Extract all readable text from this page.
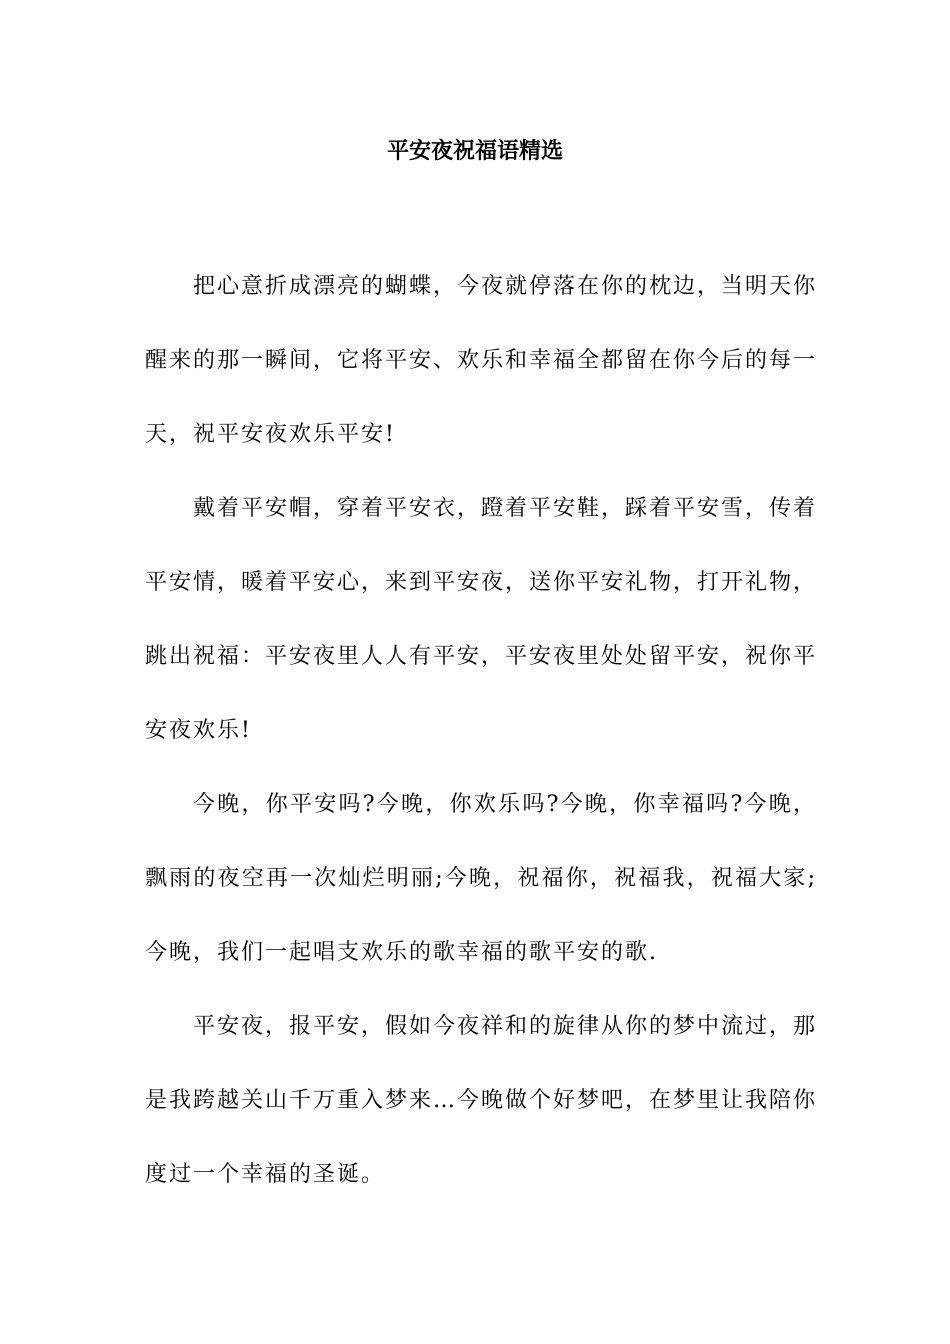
平安夜祝福语精选

把心意折成漂亮的蝴蝶，今夜就停落在你的枕边，当明天你醒来的那一瞬间，它将平安、欢乐和幸福全都留在你今后的每一天，祝平安夜欢乐平安!

戴着平安帽，穿着平安衣，蹬着平安鞋，踩着平安雪，传着平安情，暖着平安心，来到平安夜，送你平安礼物，打开礼物，跳出祝福：平安夜里人人有平安，平安夜里处处留平安，祝你平安夜欢乐!

今晚，你平安吗?今晚，你欢乐吗?今晚，你幸福吗?今晚，飘雨的夜空再一次灿烂明丽;今晚，祝福你，祝福我，祝福大家;今晚，我们一起唱支欢乐的歌幸福的歌平安的歌.

平安夜，报平安，假如今夜祥和的旋律从你的梦中流过，那是我跨越关山千万重入梦来…今晚做个好梦吧，在梦里让我陪你度过一个幸福的圣诞。
